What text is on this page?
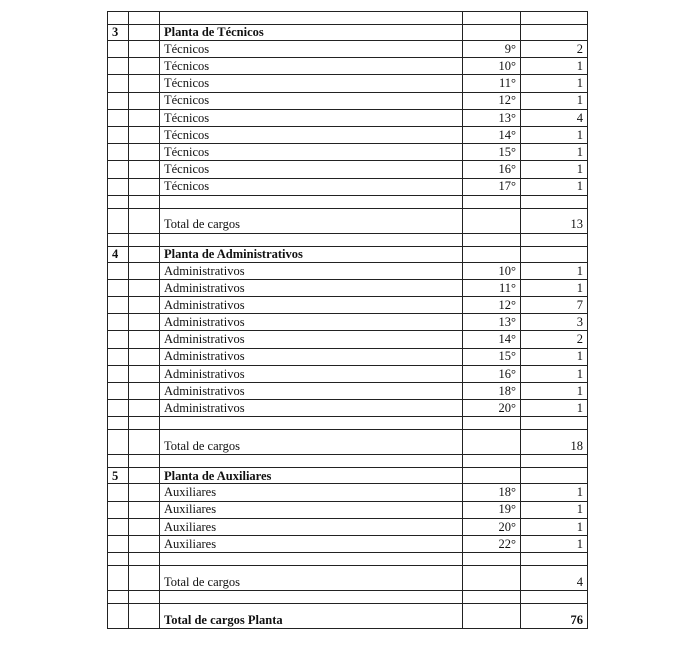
3		Planta de Técnicos		
		Técnicos	9°	2
		Técnicos	10°	1
		Técnicos	11°	1
		Técnicos	12°	1
		Técnicos	13°	4
		Técnicos	14°	1
		Técnicos	15°	1
		Técnicos	16°	1
		Técnicos	17°	1

		Total de cargos		13

4		Planta de Administrativos		
		Administrativos	10°	1
		Administrativos	11°	1
		Administrativos	12°	7
		Administrativos	13°	3
		Administrativos	14°	2
		Administrativos	15°	1
		Administrativos	16°	1
		Administrativos	18°	1
		Administrativos	20°	1

		Total de cargos		18

5		Planta de Auxiliares		
		Auxiliares	18°	1
		Auxiliares	19°	1
		Auxiliares	20°	1
		Auxiliares	22°	1

		Total de cargos		4

		Total de cargos Planta		76
